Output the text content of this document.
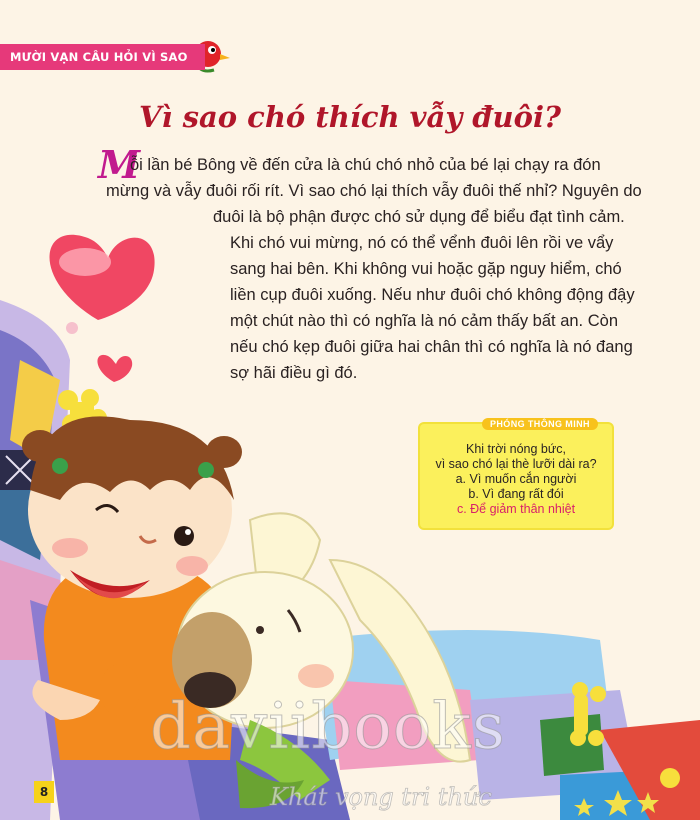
MƯỜI VẠN CÂU HỎI VÌ SAO
Vì sao chó thích vẫy đuôi?
M
ỗi lần bé Bông về đến cửa là chú chó nhỏ của bé lại chạy ra đón
mừng và vẫy đuôi rối rít. Vì sao chó lại thích vẫy đuôi thế nhỉ? Nguyên do
đuôi là bộ phận được chó sử dụng để biểu đạt tình cảm.
Khi chó vui mừng, nó có thể vểnh đuôi lên rồi ve vẩy
sang hai bên. Khi không vui hoặc gặp nguy hiểm, chó
liền cụp đuôi xuống. Nếu như đuôi chó không động đậy
một chút nào thì có nghĩa là nó cảm thấy bất an. Còn
nếu chó kẹp đuôi giữa hai chân thì có nghĩa là nó đang
sợ hãi điều gì đó.
PHÓNG THÔNG MINH
Khi trời nóng bức,
vì sao chó lại thè lưỡi dài ra?
a. Vì muốn cắn người
b. Vì đang rất đói
c. Để giảm thân nhiệt
daviibooks
Khát vọng tri thức
8
